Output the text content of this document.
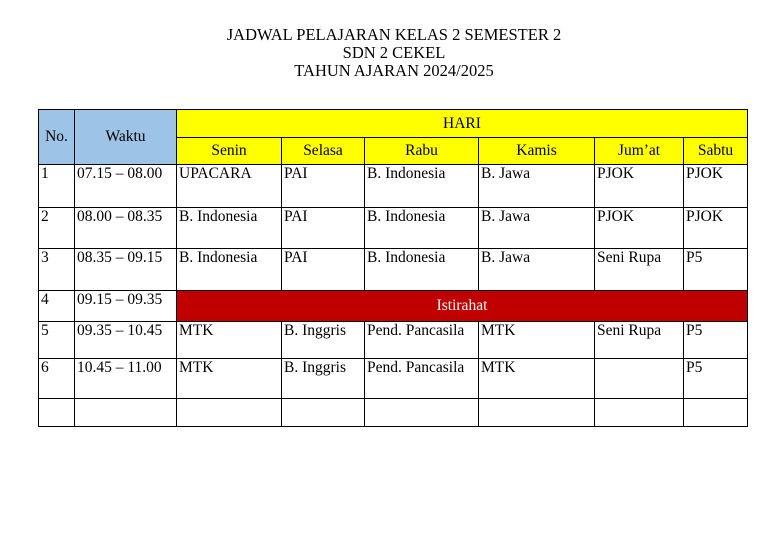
JADWAL PELAJARAN KELAS 2 SEMESTER 2
SDN 2 CEKEL
TAHUN AJARAN 2024/2025
No.	Waktu	HARI					
		Senin	Selasa	Rabu	Kamis	Jum’at	Sabtu
1	07.15 – 08.00	UPACARA	PAI	B. Indonesia	B. Jawa	PJOK	PJOK
2	08.00 – 08.35	B. Indonesia	PAI	B. Indonesia	B. Jawa	PJOK	PJOK
3	08.35 – 09.15	B. Indonesia	PAI	B. Indonesia	B. Jawa	Seni Rupa	P5
4	09.15 – 09.35	Istirahat					
5	09.35 – 10.45	MTK	B. Inggris	Pend. Pancasila	MTK	Seni Rupa	P5
6	10.45 – 11.00	MTK	B. Inggris	Pend. Pancasila	MTK		P5
